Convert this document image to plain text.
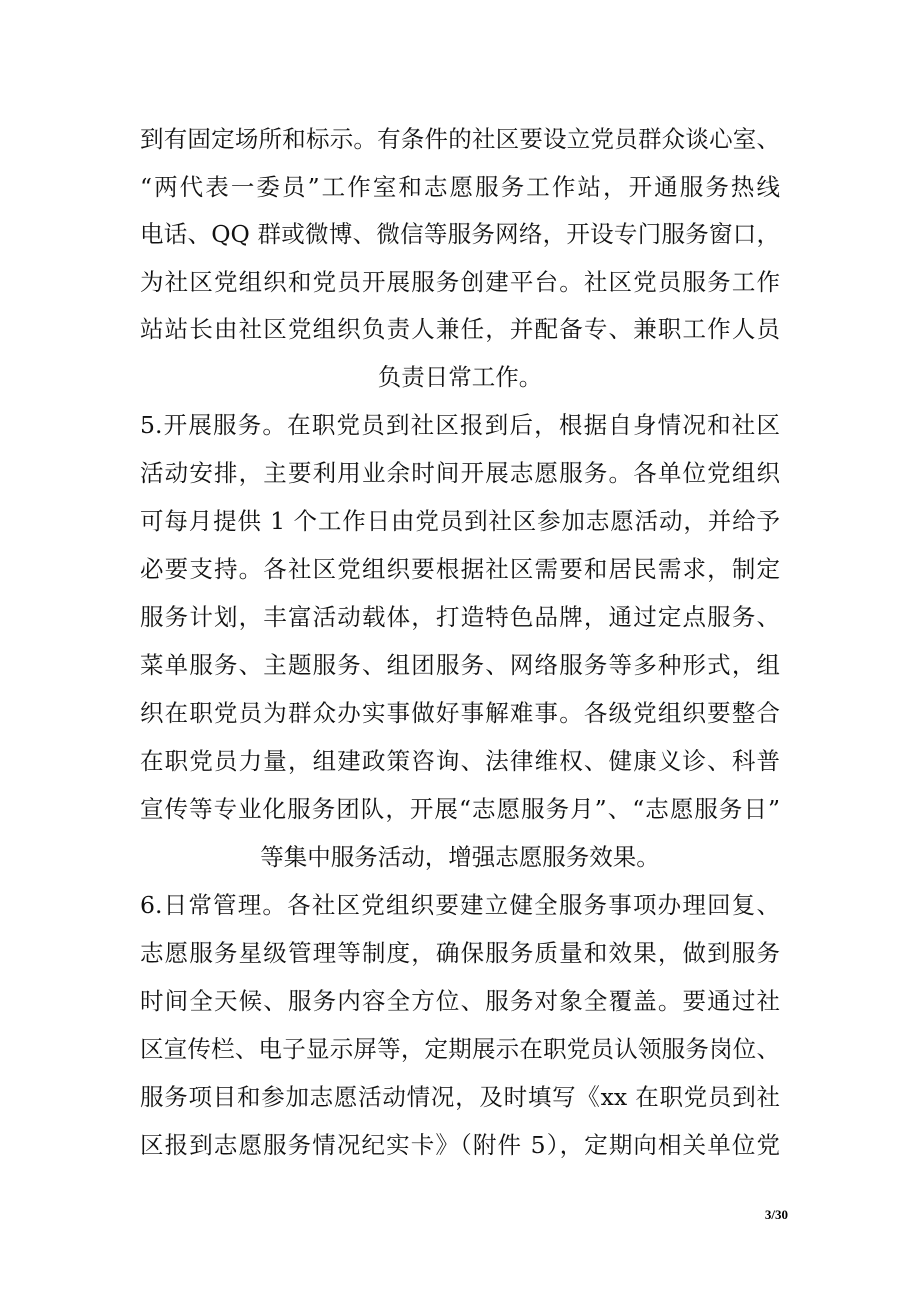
到有固定场所和标示。有条件的社区要设立党员群众谈心室、
“两代表一委员”工作室和志愿服务工作站，开通服务热线
电话、QQ 群或微博、微信等服务网络，开设专门服务窗口，
为社区党组织和党员开展服务创建平台。社区党员服务工作
站站长由社区党组织负责人兼任，并配备专、兼职工作人员
负责日常工作。
5.开展服务。在职党员到社区报到后，根据自身情况和社区
活动安排，主要利用业余时间开展志愿服务。各单位党组织
可每月提供 1 个工作日由党员到社区参加志愿活动，并给予
必要支持。各社区党组织要根据社区需要和居民需求，制定
服务计划，丰富活动载体，打造特色品牌，通过定点服务、
菜单服务、主题服务、组团服务、网络服务等多种形式，组
织在职党员为群众办实事做好事解难事。各级党组织要整合
在职党员力量，组建政策咨询、法律维权、健康义诊、科普
宣传等专业化服务团队，开展“志愿服务月”、“志愿服务日”
等集中服务活动，增强志愿服务效果。
6.日常管理。各社区党组织要建立健全服务事项办理回复、
志愿服务星级管理等制度，确保服务质量和效果，做到服务
时间全天候、服务内容全方位、服务对象全覆盖。要通过社
区宣传栏、电子显示屏等，定期展示在职党员认领服务岗位、
服务项目和参加志愿活动情况，及时填写《xx 在职党员到社
区报到志愿服务情况纪实卡》（附件 5），定期向相关单位党
3/30
